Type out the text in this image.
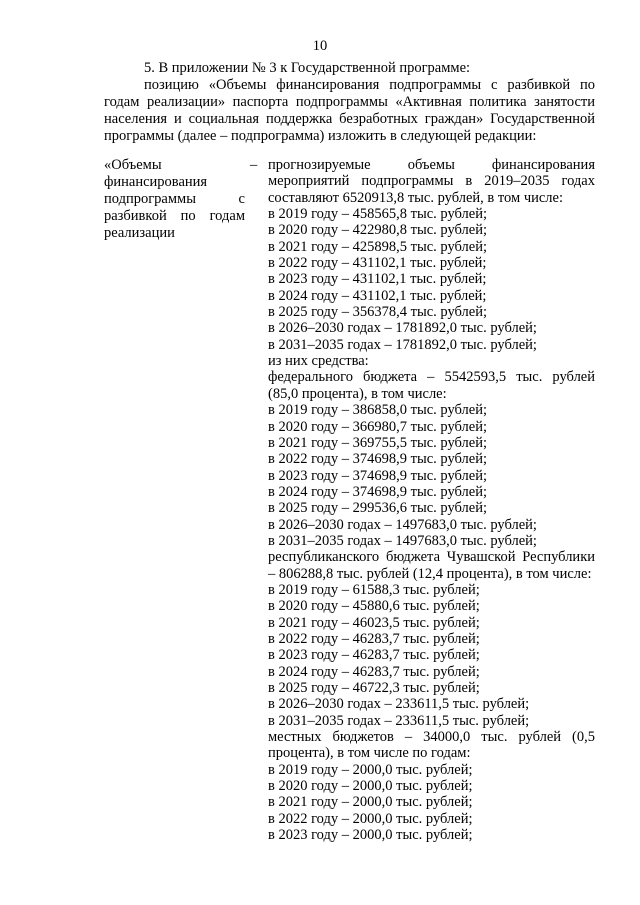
10

5. В приложении № 3 к Государственной программе:

позицию «Объемы финансирования подпрограммы с разбивкой по годам реализации» паспорта подпрограммы «Активная политика занятости населения и социальная поддержка безработных граждан» Государственной программы (далее – подпрограмма) изложить в следующей редакции:

«Объемы финансирования подпрограммы с разбивкой по годам реализации
– прогнозируемые объемы финансирования мероприятий подпрограммы в 2019–2035 годах составляют 6520913,8 тыс. рублей, в том числе:

в 2019 году – 458565,8 тыс. рублей;

в 2020 году – 422980,8 тыс. рублей;

в 2021 году – 425898,5 тыс. рублей;

в 2022 году – 431102,1 тыс. рублей;

в 2023 году – 431102,1 тыс. рублей;

в 2024 году – 431102,1 тыс. рублей;

в 2025 году – 356378,4 тыс. рублей;

в 2026–2030 годах – 1781892,0 тыс. рублей;

в 2031–2035 годах – 1781892,0 тыс. рублей;

из них средства:

федерального бюджета – 5542593,5 тыс. рублей (85,0 процента), в том числе:

в 2019 году – 386858,0 тыс. рублей;

в 2020 году – 366980,7 тыс. рублей;

в 2021 году – 369755,5 тыс. рублей;

в 2022 году – 374698,9 тыс. рублей;

в 2023 году – 374698,9 тыс. рублей;

в 2024 году – 374698,9 тыс. рублей;

в 2025 году – 299536,6 тыс. рублей;

в 2026–2030 годах – 1497683,0 тыс. рублей;

в 2031–2035 годах – 1497683,0 тыс. рублей;

республиканского бюджета Чувашской Республики – 806288,8 тыс. рублей (12,4 процента), в том числе:

в 2019 году – 61588,3 тыс. рублей;

в 2020 году – 45880,6 тыс. рублей;

в 2021 году – 46023,5 тыс. рублей;

в 2022 году – 46283,7 тыс. рублей;

в 2023 году – 46283,7 тыс. рублей;

в 2024 году – 46283,7 тыс. рублей;

в 2025 году – 46722,3 тыс. рублей;

в 2026–2030 годах – 233611,5 тыс. рублей;

в 2031–2035 годах – 233611,5 тыс. рублей;

местных бюджетов – 34000,0 тыс. рублей (0,5 процента), в том числе по годам:

в 2019 году – 2000,0 тыс. рублей;

в 2020 году – 2000,0 тыс. рублей;

в 2021 году – 2000,0 тыс. рублей;

в 2022 году – 2000,0 тыс. рублей;

в 2023 году – 2000,0 тыс. рублей;
